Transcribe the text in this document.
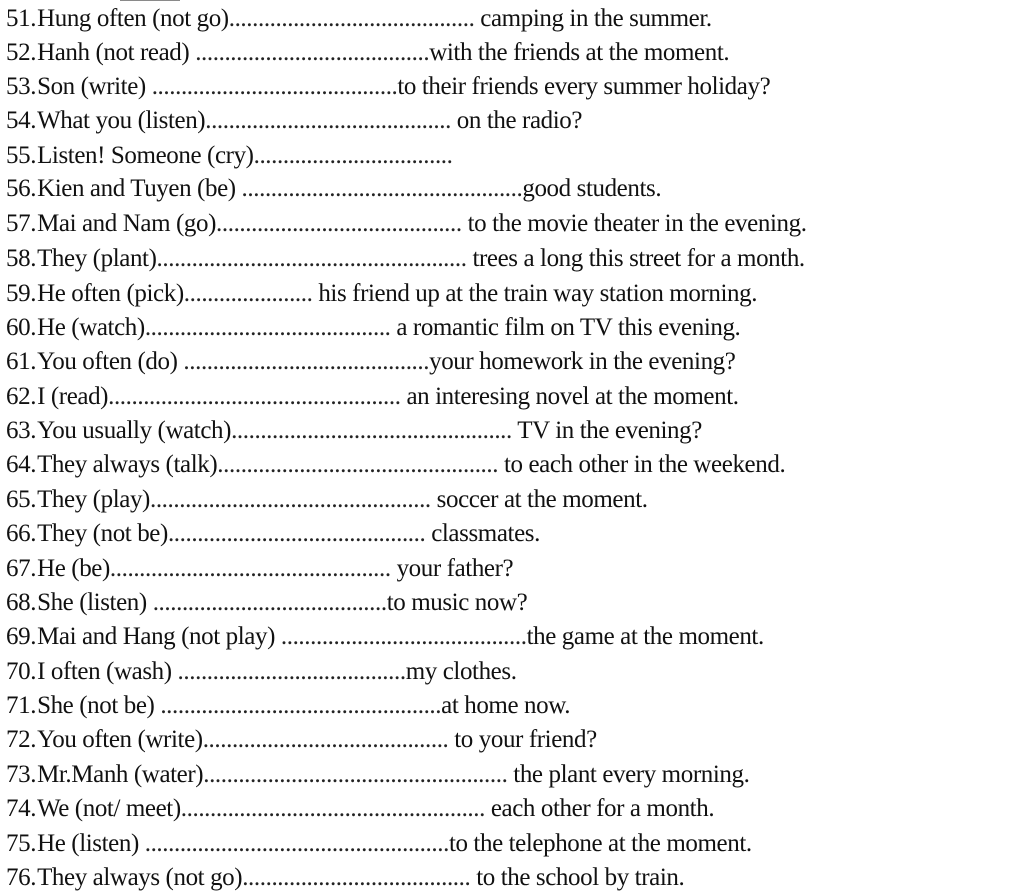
51.Hung often (not go).......................................... camping in the summer.
52.Hanh (not read) ........................................with the friends at the moment.
53.Son (write) ..........................................to their friends every summer holiday?
54.What you (listen).......................................... on the radio?
55.Listen! Someone (cry)..................................
56.Kien and Tuyen (be) ................................................good students.
57.Mai and Nam (go).......................................... to the movie theater in the evening.
58.They (plant)..................................................... trees a long this street for a month.
59.He often (pick)...................... his friend up at the train way station morning.
60.He (watch).......................................... a romantic film on TV this evening.
61.You often (do) ..........................................your homework in the evening?
62.I (read).................................................. an interesing novel at the moment.
63.You usually (watch)................................................ TV in the evening?
64.They always (talk)................................................ to each other in the weekend.
65.They (play)................................................ soccer at the moment.
66.They (not be)............................................ classmates.
67.He (be)................................................ your father?
68.She (listen) ........................................to music now?
69.Mai and Hang (not play) ..........................................the game at the moment.
70.I often (wash) .......................................my clothes.
71.She (not be) ................................................at home now.
72.You often (write).......................................... to your friend?
73.Mr.Manh (water).................................................... the plant every morning.
74.We (not/ meet).................................................... each other for a month.
75.He (listen) ....................................................to the telephone at the moment.
76.They always (not go)....................................... to the school by train.
